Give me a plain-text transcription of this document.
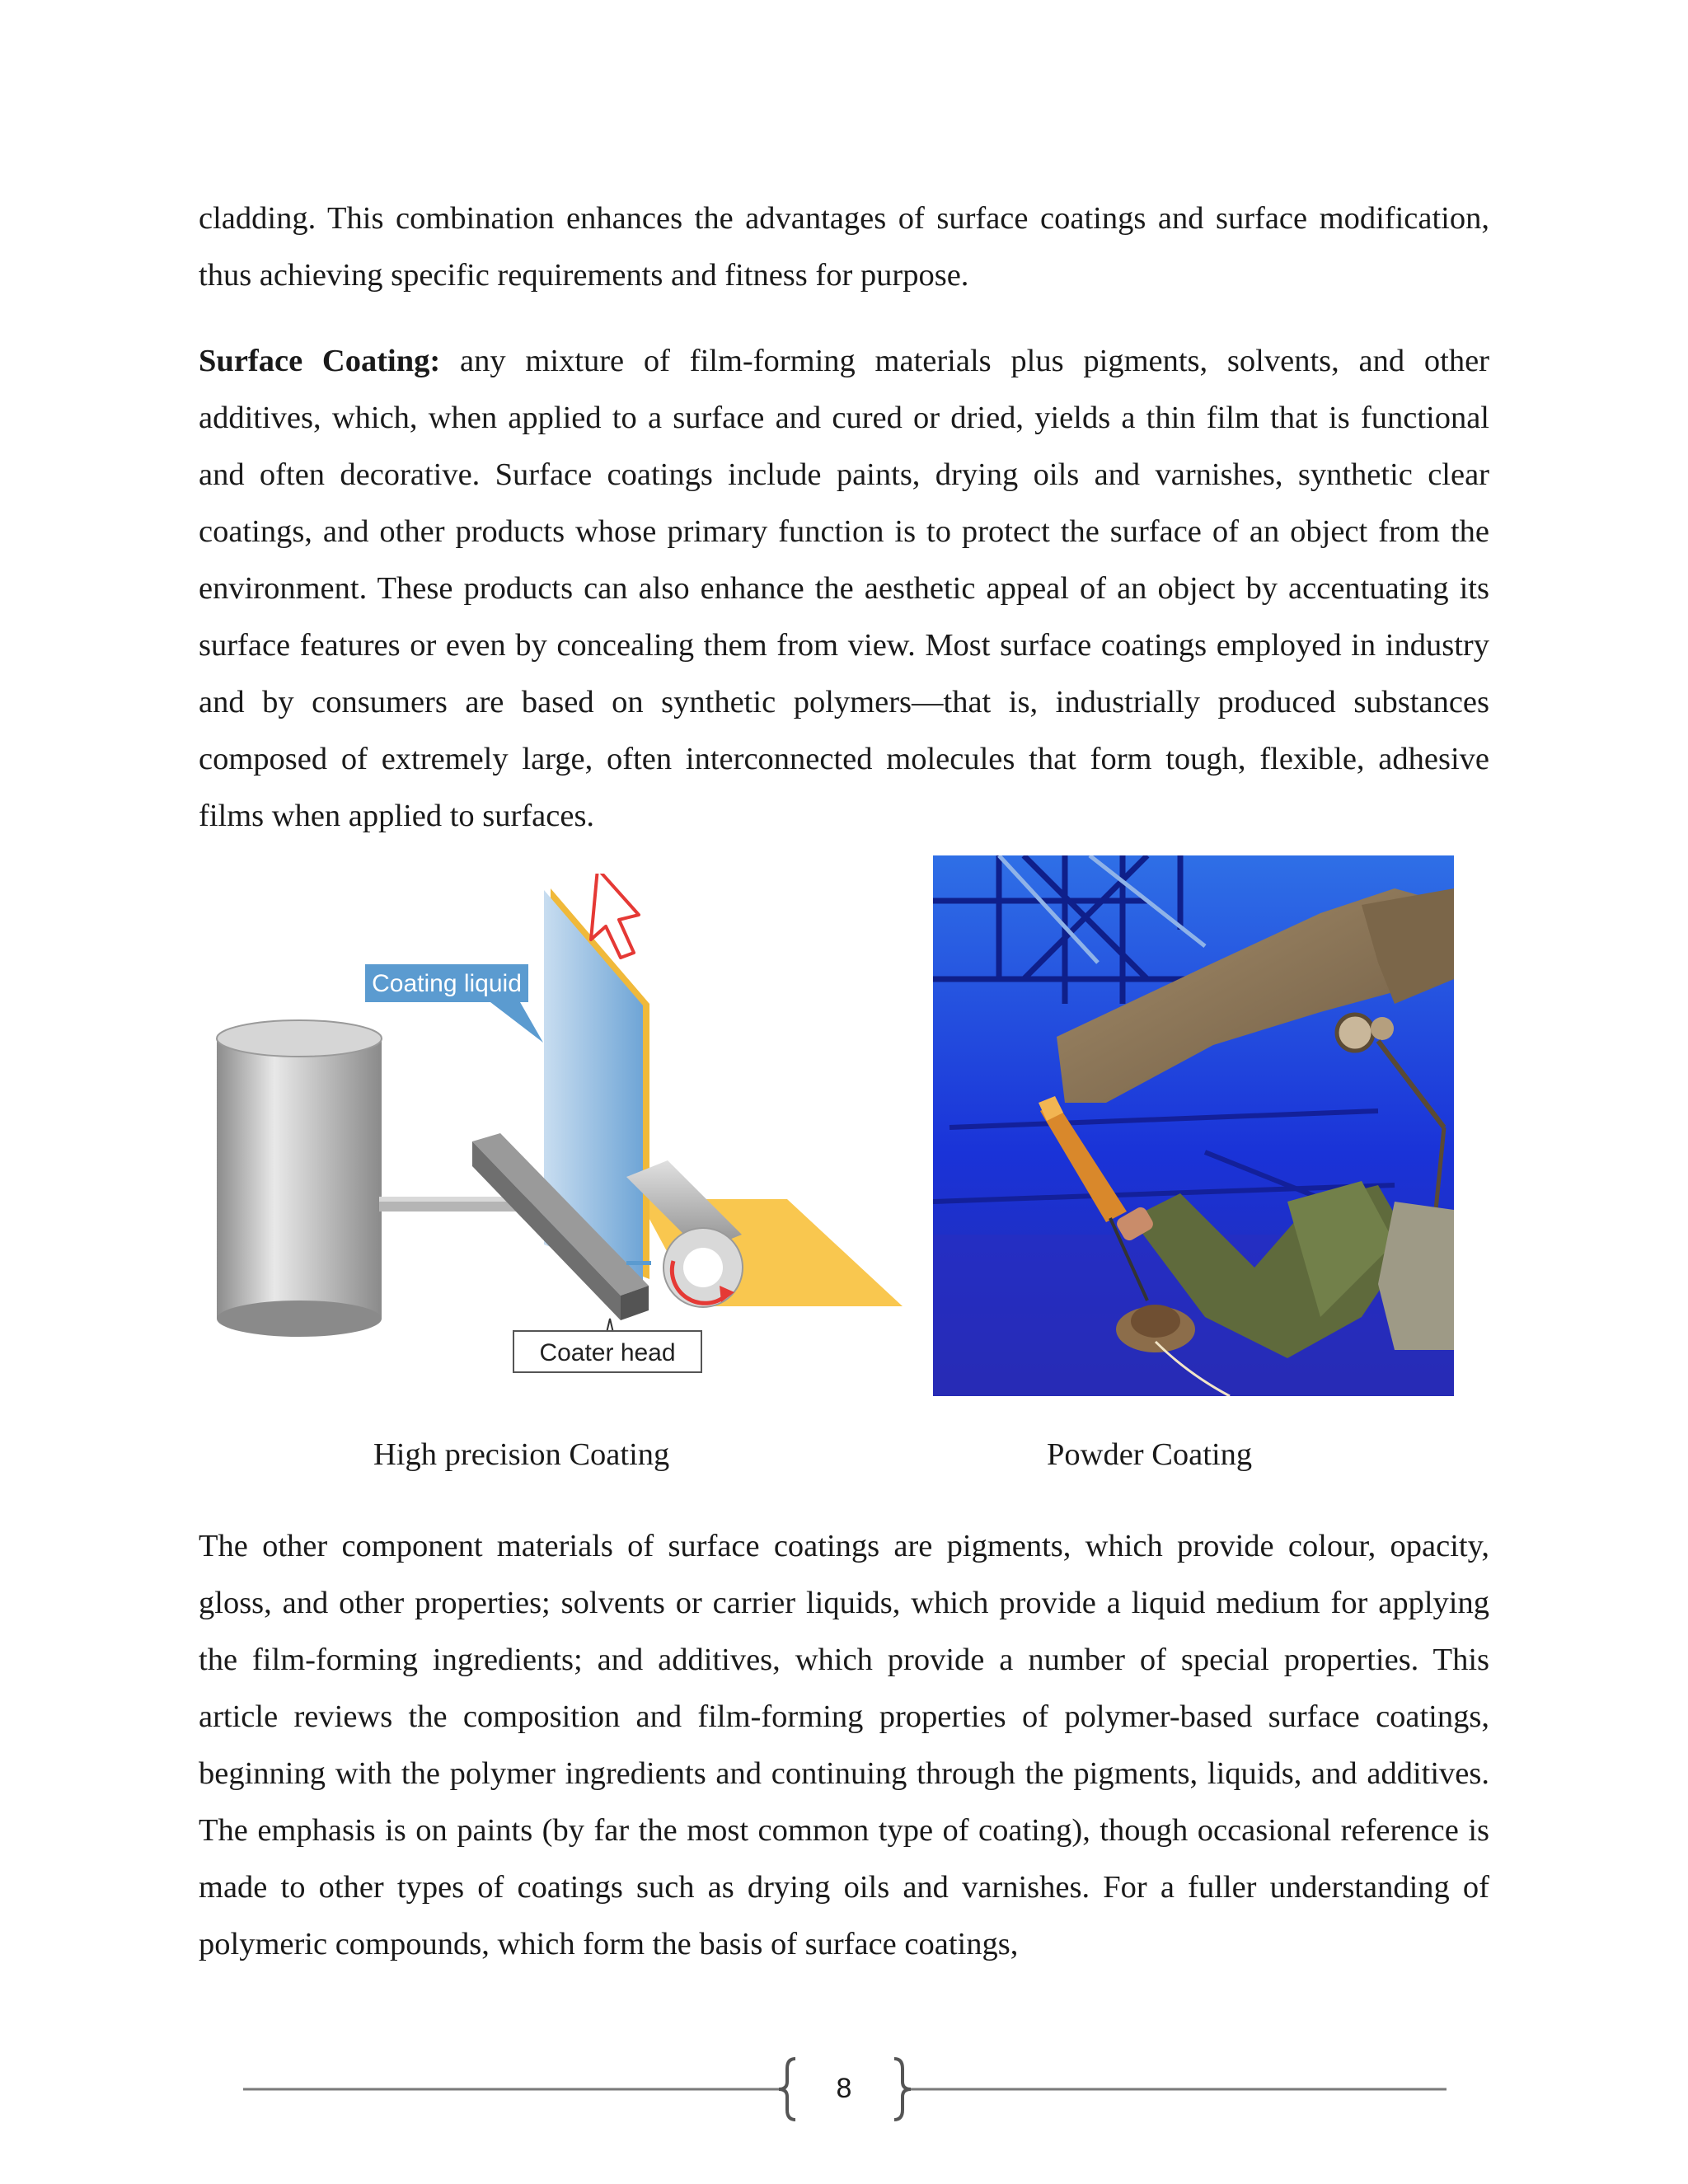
cladding. This combination enhances the advantages of surface coatings and surface modification, thus achieving specific requirements and fitness for purpose.

Surface Coating: any mixture of film-forming materials plus pigments, solvents, and other additives, which, when applied to a surface and cured or dried, yields a thin film that is functional and often decorative. Surface coatings include paints, drying oils and varnishes, synthetic clear coatings, and other products whose primary function is to protect the surface of an object from the environment. These products can also enhance the aesthetic appeal of an object by accentuating its surface features or even by concealing them from view. Most surface coatings employed in industry and by consumers are based on synthetic polymers—that is, industrially produced substances composed of extremely large, often interconnected molecules that form tough, flexible, adhesive films when applied to surfaces.

Coating liquid
Coater head
High precision Coating	Powder Coating

The other component materials of surface coatings are pigments, which provide colour, opacity, gloss, and other properties; solvents or carrier liquids, which provide a liquid medium for applying the film-forming ingredients; and additives, which provide a number of special properties. This article reviews the composition and film-forming properties of polymer-based surface coatings, beginning with the polymer ingredients and continuing through the pigments, liquids, and additives. The emphasis is on paints (by far the most common type of coating), though occasional reference is made to other types of coatings such as drying oils and varnishes. For a fuller understanding of polymeric compounds, which form the basis of surface coatings,

8
